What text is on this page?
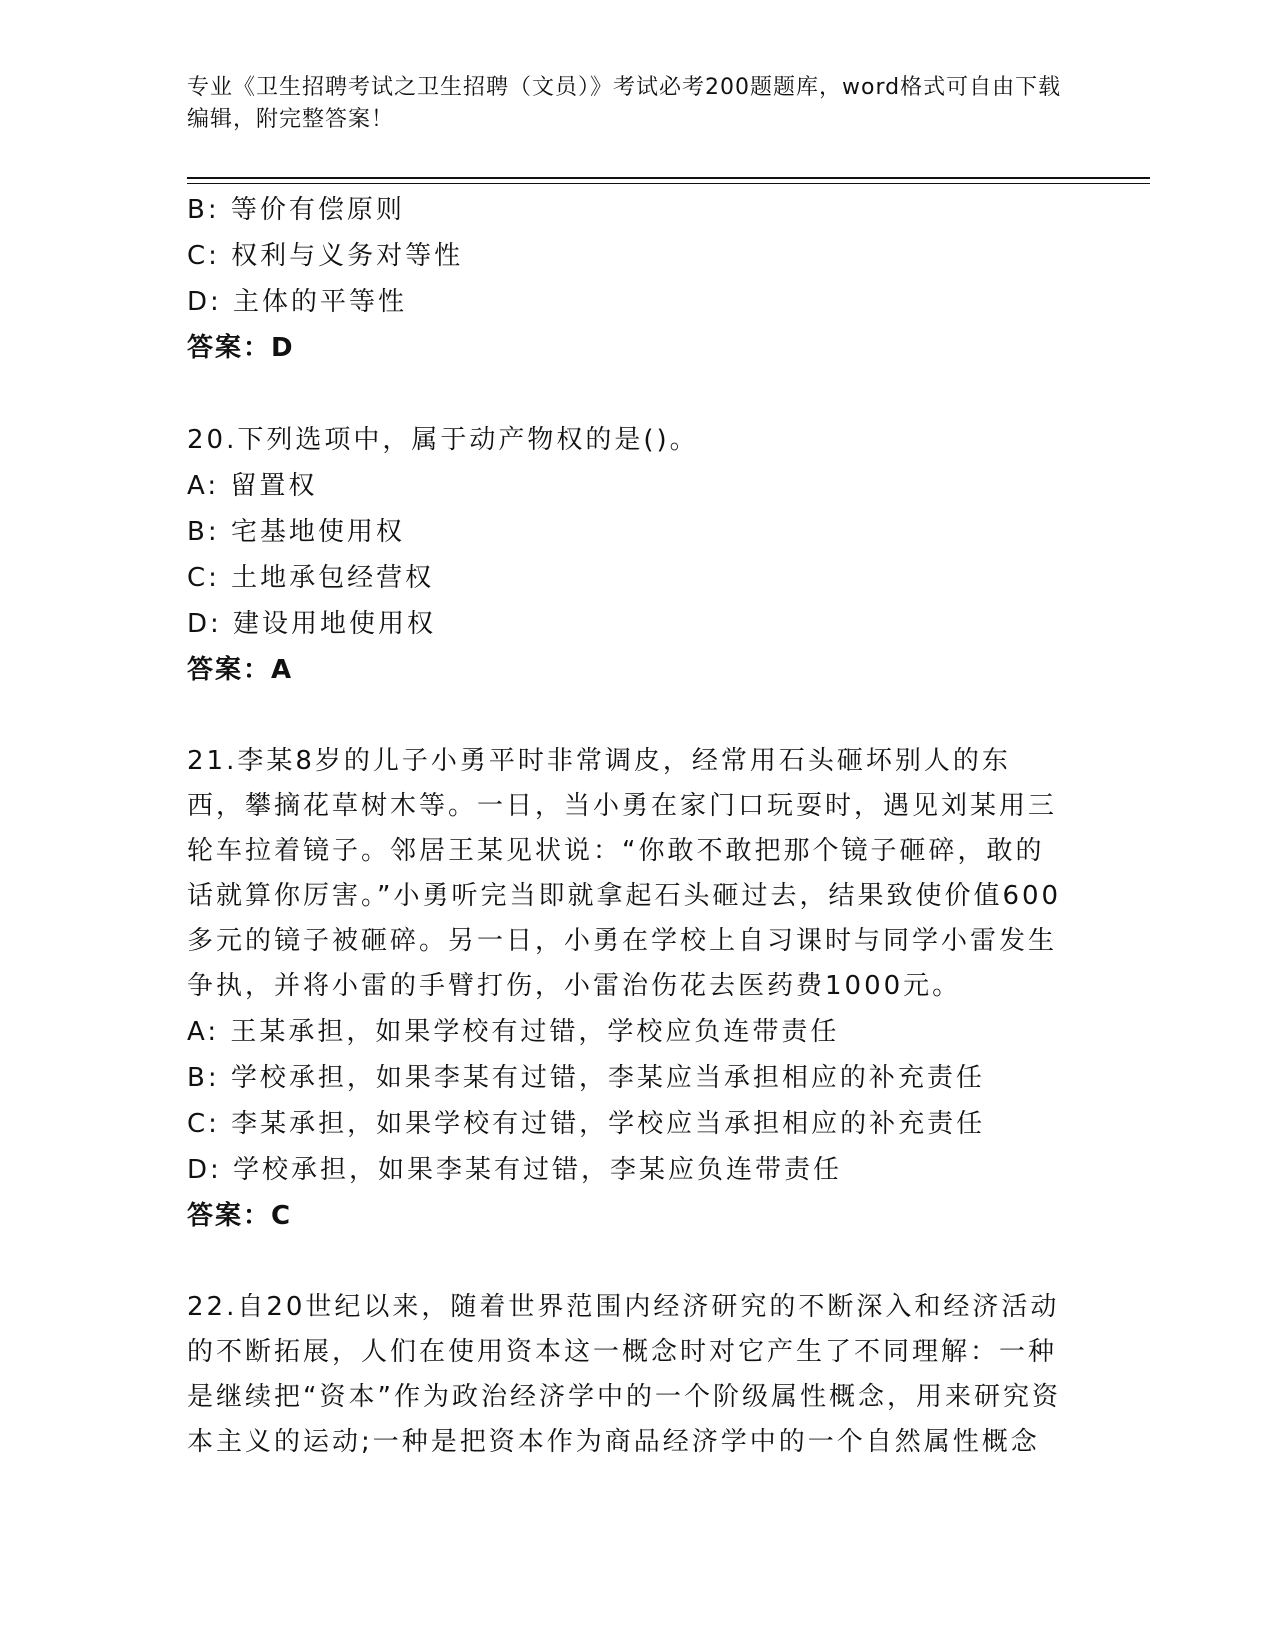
专业《卫生招聘考试之卫生招聘（文员）》考试必考200题题库，word格式可自由下载编辑，附完整答案！
B: 等价有偿原则
C: 权利与义务对等性
D: 主体的平等性
答案：D
20.下列选项中，属于动产物权的是()。
A: 留置权
B: 宅基地使用权
C: 土地承包经营权
D: 建设用地使用权
答案：A
21.李某8岁的儿子小勇平时非常调皮，经常用石头砸坏别人的东西，攀摘花草树木等。一日，当小勇在家门口玩耍时，遇见刘某用三轮车拉着镜子。邻居王某见状说：“你敢不敢把那个镜子砸碎，敢的话就算你厉害。”小勇听完当即就拿起石头砸过去，结果致使价值600多元的镜子被砸碎。另一日，小勇在学校上自习课时与同学小雷发生争执，并将小雷的手臂打伤，小雷治伤花去医药费1000元。
A: 王某承担，如果学校有过错，学校应负连带责任
B: 学校承担，如果李某有过错，李某应当承担相应的补充责任
C: 李某承担，如果学校有过错，学校应当承担相应的补充责任
D: 学校承担，如果李某有过错，李某应负连带责任
答案：C
22.自20世纪以来，随着世界范围内经济研究的不断深入和经济活动的不断拓展，人们在使用资本这一概念时对它产生了不同理解：一种是继续把“资本”作为政治经济学中的一个阶级属性概念，用来研究资本主义的运动;一种是把资本作为商品经济学中的一个自然属性概念
